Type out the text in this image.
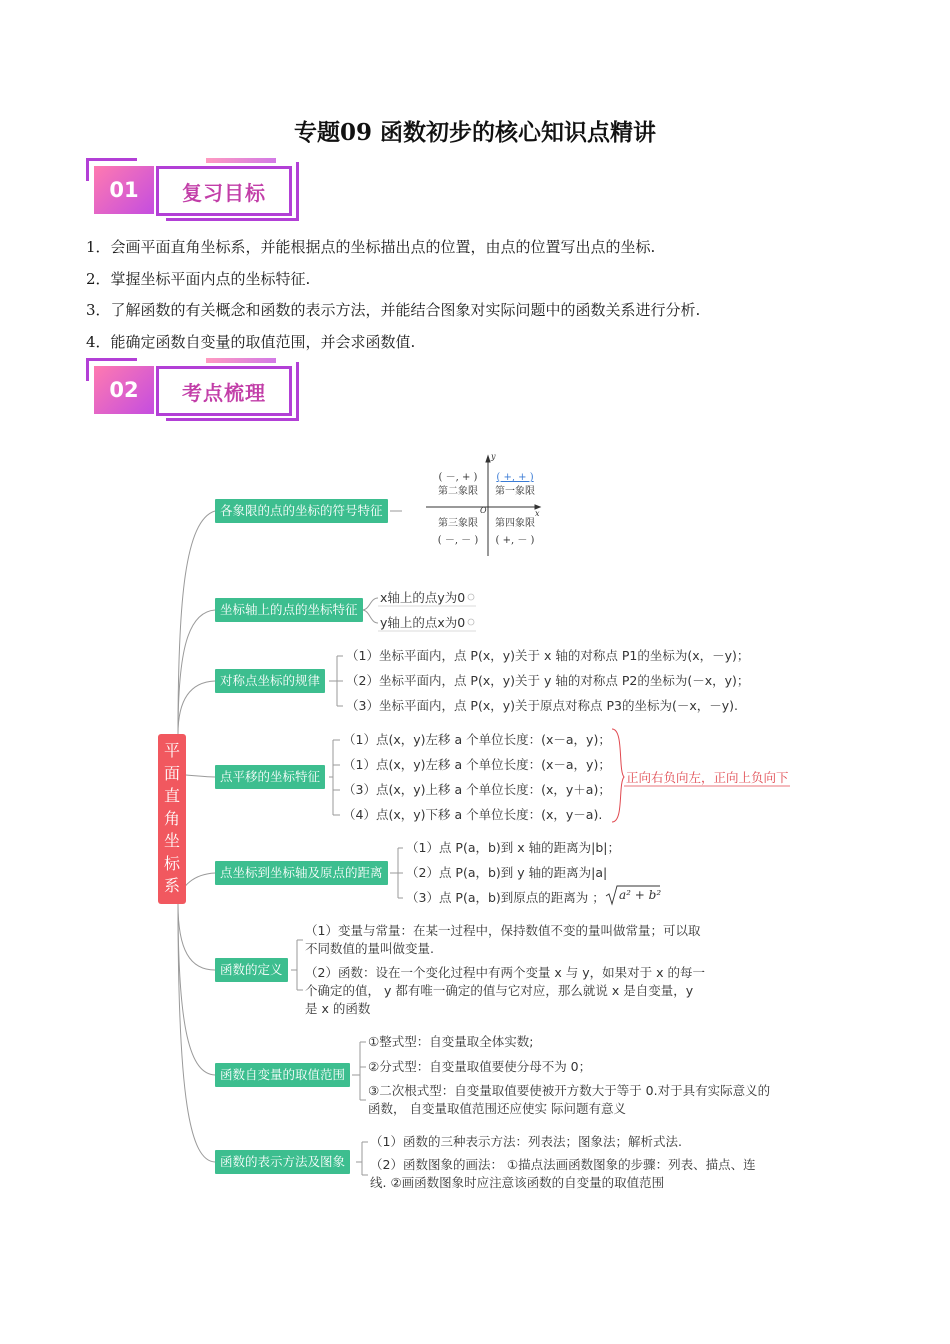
专题09 函数初步的核心知识点精讲
01	复习目标
1．会画平面直角坐标系，并能根据点的坐标描出点的位置，由点的位置写出点的坐标.
2．掌握坐标平面内点的坐标特征.
3．了解函数的有关概念和函数的表示方法，并能结合图象对实际问题中的函数关系进行分析.
4．能确定函数自变量的取值范围，并会求函数值.
02	考点梳理
y
x
O
( －, + )
第二象限
( +, + )
第一象限
第三象限
( －, － )
第四象限
( +, － )
平
面
直
角
坐
标
系
各象限的点的坐标的符号特征
坐标轴上的点的坐标特征
对称点坐标的规律
点平移的坐标特征
点坐标到坐标轴及原点的距离
函数的定义
函数自变量的取值范围
函数的表示方法及图象
x轴上的点y为0
y轴上的点x为0
（1）坐标平面内，点 P(x，y)关于 x 轴的对称点 P1的坐标为(x，－y)；
（2）坐标平面内，点 P(x，y)关于 y 轴的对称点 P2的坐标为(－x，y)；
（3）坐标平面内，点 P(x，y)关于原点对称点 P3的坐标为(－x，－y).
（1）点(x，y)左移 a 个单位长度：(x－a，y)；
（1）点(x，y)左移 a 个单位长度：(x－a，y)；
（3）点(x，y)上移 a 个单位长度：(x，y＋a)；
（4）点(x，y)下移 a 个单位长度：(x，y－a).
正向右负向左，正向上负向下
（1）点 P(a，b)到 x 轴的距离为|b|；
（2）点 P(a，b)到 y 轴的距离为|a|
（3）点 P(a，b)到原点的距离为 ； a² + b²
（1）变量与常量：在某一过程中，保持数值不变的量叫做常量；可以取不同数值的量叫做变量.
（2）函数：设在一个变化过程中有两个变量 x 与 y，如果对于 x 的每一个确定的值， y 都有唯一确定的值与它对应，那么就说 x 是自变量，y 是 x 的函数
①整式型：自变量取全体实数;
②分式型：自变量取值要使分母不为 0；
③二次根式型：自变量取值要使被开方数大于等于 0.对于具有实际意义的函数， 自变量取值范围还应使实 际问题有意义
（1）函数的三种表示方法：列表法；图象法；解析式法.
（2）函数图象的画法： ①描点法画函数图象的步骤：列表、描点、连线. ②画函数图象时应注意该函数的自变量的取值范围
